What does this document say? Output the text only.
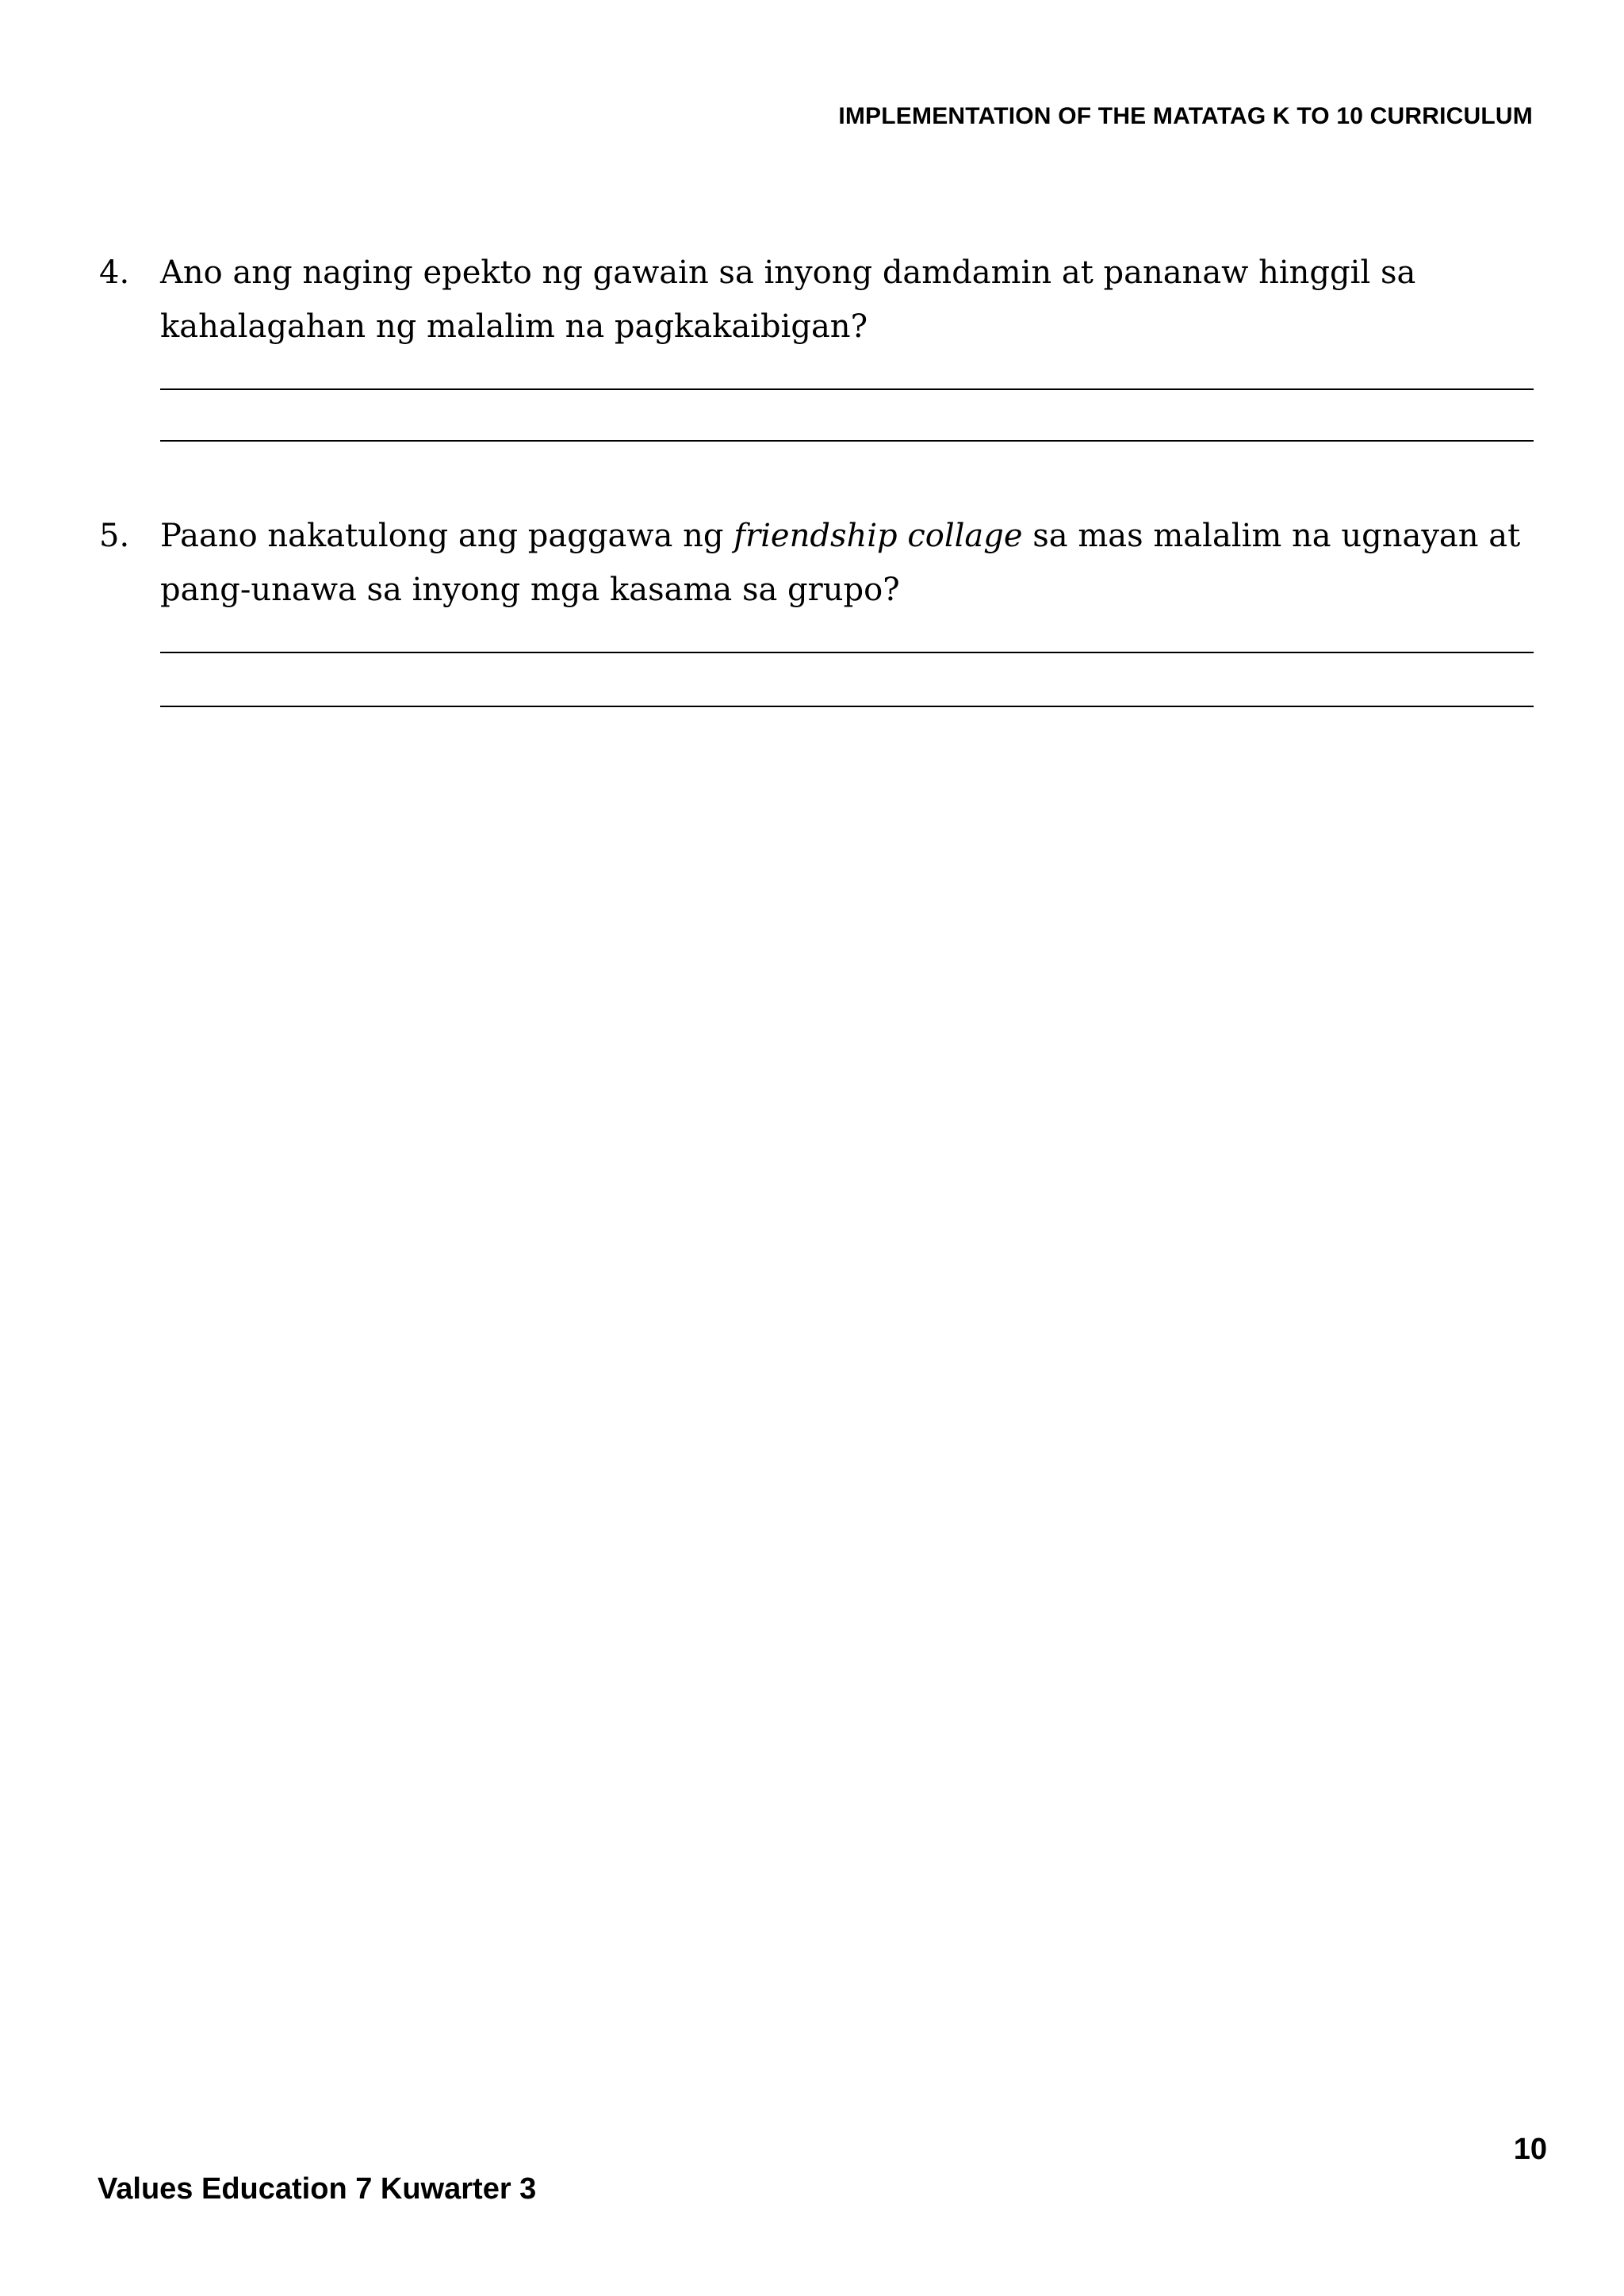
IMPLEMENTATION OF THE MATATAG K TO 10 CURRICULUM
4. Ano ang naging epekto ng gawain sa inyong damdamin at pananaw hinggil sa kahalagahan ng malalim na pagkakaibigan?
5. Paano nakatulong ang paggawa ng friendship collage sa mas malalim na ugnayan at pang-unawa sa inyong mga kasama sa grupo?
10
Values Education 7 Kuwarter 3
